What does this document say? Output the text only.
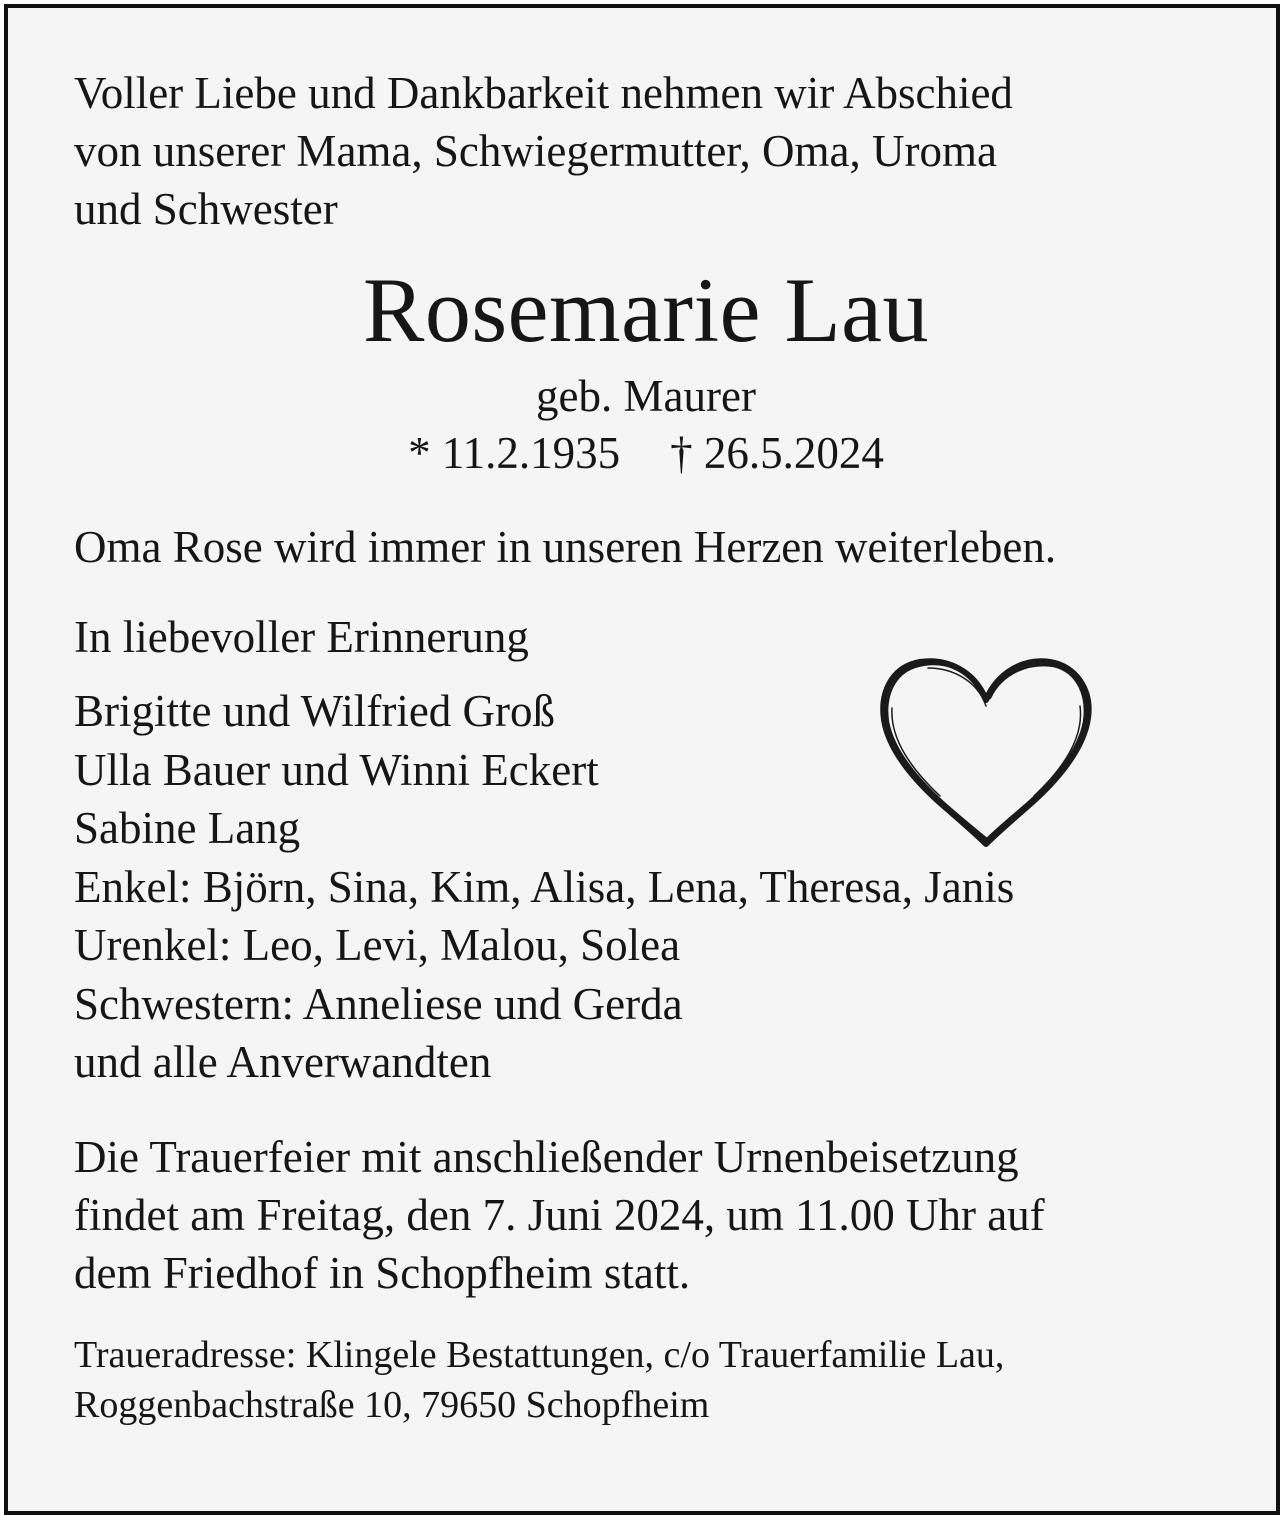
Voller Liebe und Dankbarkeit nehmen wir Abschied
von unserer Mama, Schwiegermutter, Oma, Uroma
und Schwester

Rosemarie Lau

geb. Maurer

* 11.2.1935 † 26.5.2024

Oma Rose wird immer in unseren Herzen weiterleben.

In liebevoller Erinnerung

Brigitte und Wilfried Groß
Ulla Bauer und Winni Eckert
Sabine Lang
Enkel: Björn, Sina, Kim, Alisa, Lena, Theresa, Janis
Urenkel: Leo, Levi, Malou, Solea
Schwestern: Anneliese und Gerda
und alle Anverwandten

Die Trauerfeier mit anschließender Urnenbeisetzung
findet am Freitag, den 7. Juni 2024, um 11.00 Uhr auf
dem Friedhof in Schopfheim statt.

Traueradresse: Klingele Bestattungen, c/o Trauerfamilie Lau,
Roggenbachstraße 10, 79650 Schopfheim
